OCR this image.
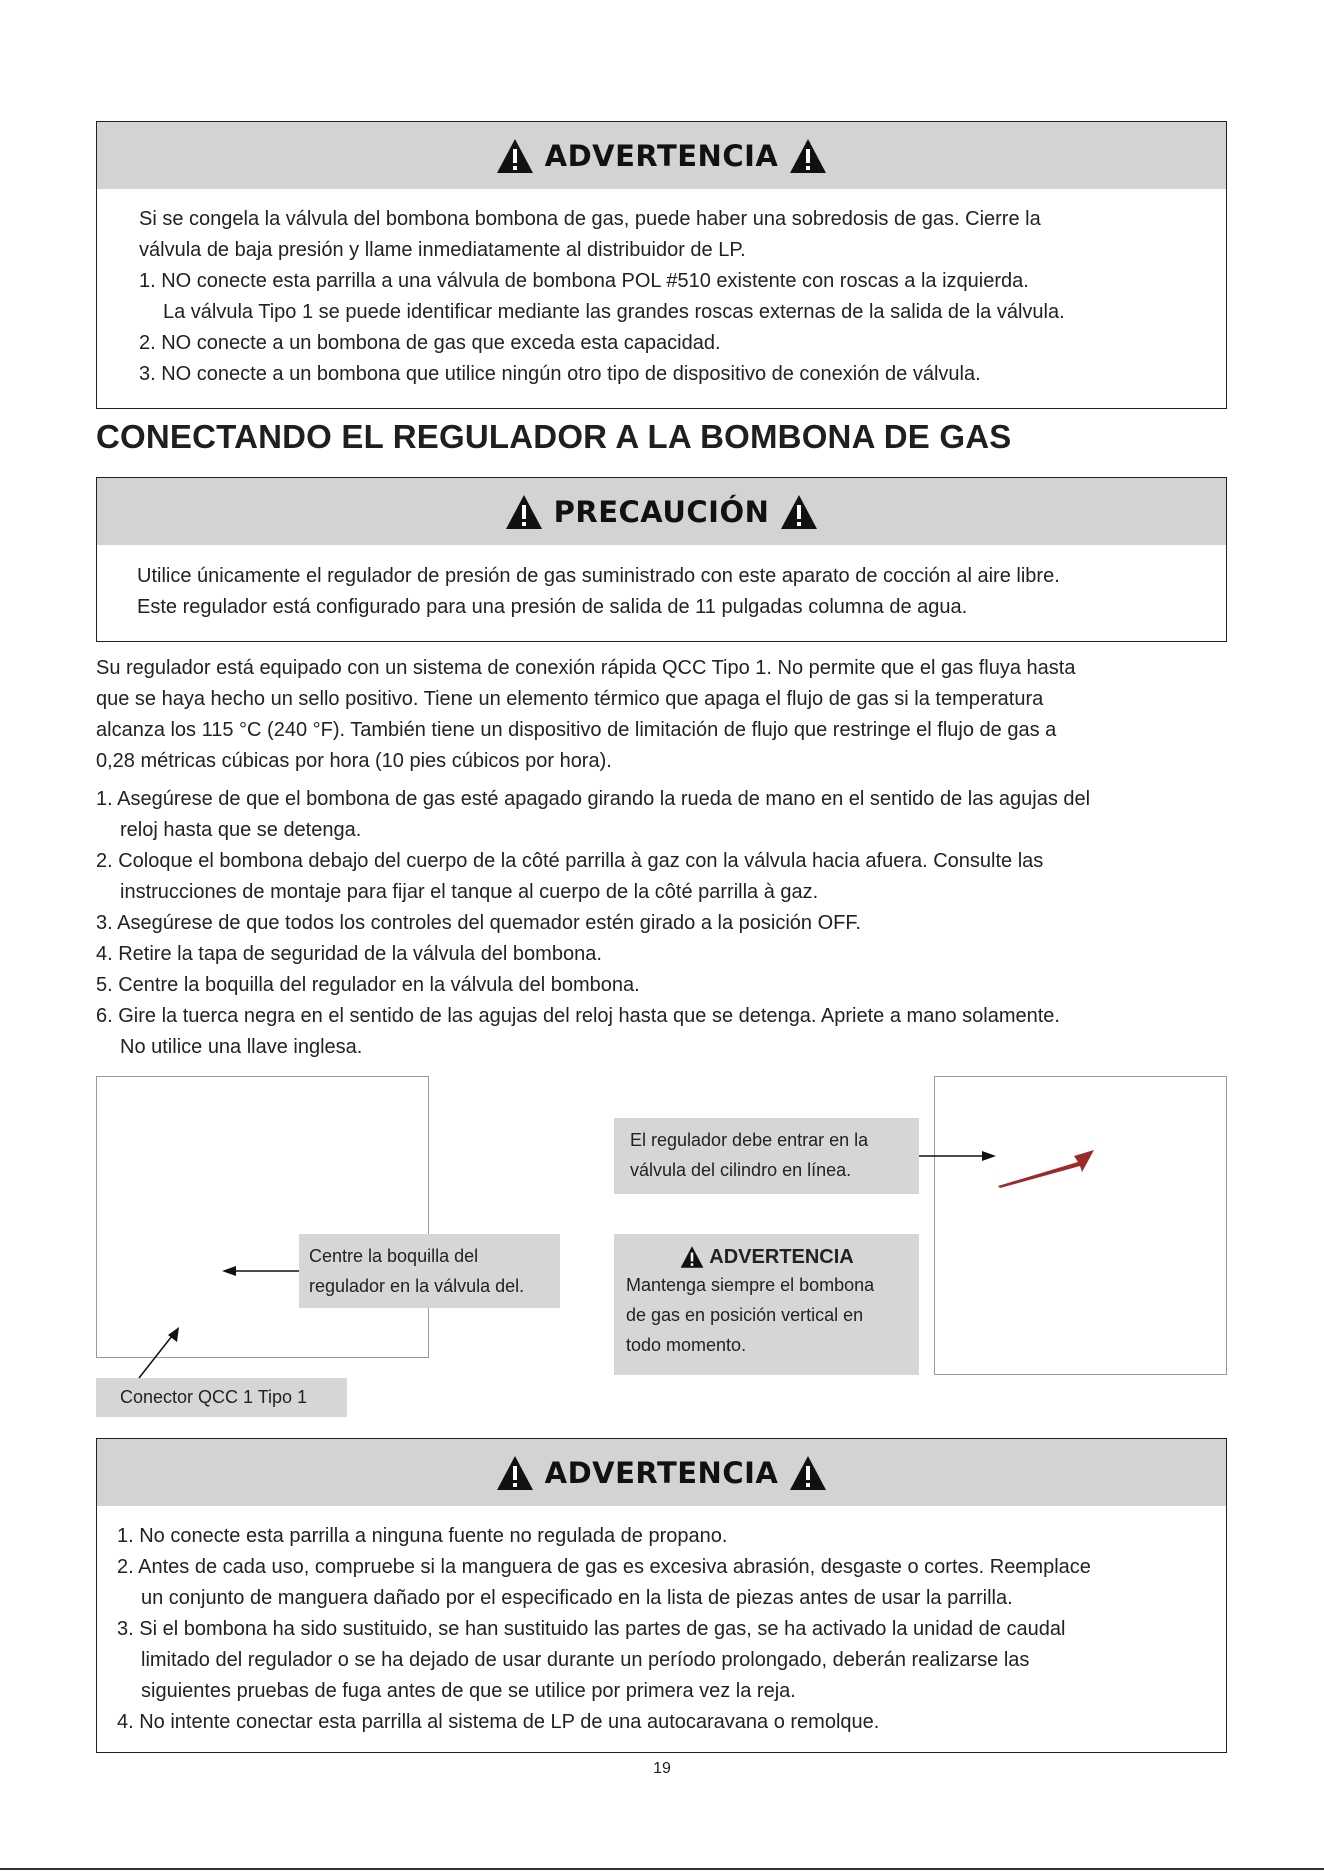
ADVERTENCIA

Si se congela la válvula del bombona bombona de gas, puede haber una sobredosis de gas. Cierre la

válvula de baja presión y llame inmediatamente al distribuidor de LP.

1. NO conecte esta parrilla a una válvula de bombona POL #510 existente con roscas a la izquierda.

La válvula Tipo 1 se puede identificar mediante las grandes roscas externas de la salida de la válvula.

2. NO conecte a un bombona de gas que exceda esta capacidad.

3. NO conecte a un bombona que utilice ningún otro tipo de dispositivo de conexión de válvula.

CONECTANDO EL REGULADOR A LA BOMBONA DE GAS
PRECAUCIÓN

Utilice únicamente el regulador de presión de gas suministrado con este aparato de cocción al aire libre.

Este regulador está configurado para una presión de salida de 11 pulgadas columna de agua.

Su regulador está equipado con un sistema de conexión rápida QCC Tipo 1. No permite que el gas fluya hasta

que se haya hecho un sello positivo. Tiene un elemento térmico que apaga el flujo de gas si la temperatura

alcanza los 115 °C (240 °F). También tiene un dispositivo de limitación de flujo que restringe el flujo de gas a

0,28 métricas cúbicas por hora (10 pies cúbicos por hora).

1. Asegúrese de que el bombona de gas esté apagado girando la rueda de mano en el sentido de las agujas del

reloj hasta que se detenga.

2. Coloque el bombona debajo del cuerpo de la côté parrilla à gaz con la válvula hacia afuera. Consulte las

instrucciones de montaje para fijar el tanque al cuerpo de la côté parrilla à gaz.

3. Asegúrese de que todos los controles del quemador estén girado a la posición OFF.

4. Retire la tapa de seguridad de la válvula del bombona.

5. Centre la boquilla del regulador en la válvula del bombona.

6. Gire la tuerca negra en el sentido de las agujas del reloj hasta que se detenga. Apriete a mano solamente.

No utilice una llave inglesa.

Centre la boquilla del

regulador en la válvula del.

Conector QCC 1 Tipo 1

El regulador debe entrar en la

válvula del cilindro en línea.

ADVERTENCIA

Mantenga siempre el bombona

de gas en posición vertical en

todo momento.

ADVERTENCIA

1. No conecte esta parrilla a ninguna fuente no regulada de propano.

2. Antes de cada uso, compruebe si la manguera de gas es excesiva abrasión, desgaste o cortes. Reemplace

un conjunto de manguera dañado por el especificado en la lista de piezas antes de usar la parrilla.

3. Si el bombona ha sido sustituido, se han sustituido las partes de gas, se ha activado la unidad de caudal

limitado del regulador o se ha dejado de usar durante un período prolongado, deberán realizarse las

siguientes pruebas de fuga antes de que se utilice por primera vez la reja.

4. No intente conectar esta parrilla al sistema de LP de una autocaravana o remolque.

19
